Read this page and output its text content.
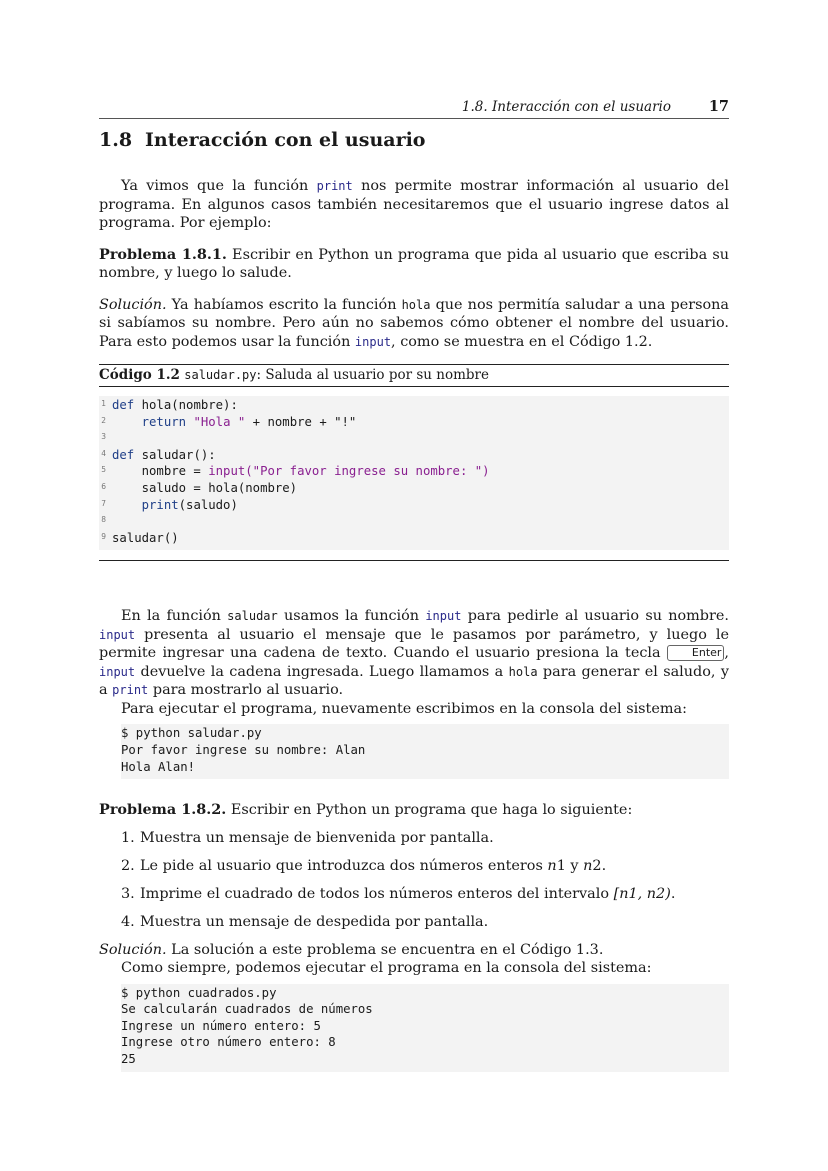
1.8. Interacción con el usuario	17
1.8 Interacción con el usuario

Ya vimos que la función print nos permite mostrar información al usuario del programa. En algunos casos también necesitaremos que el usuario ingrese datos al programa. Por ejemplo:

Problema 1.8.1. Escribir en Python un programa que pida al usuario que escriba su nombre, y luego lo salude.

Solución. Ya habíamos escrito la función hola que nos permitía saludar a una persona si sabíamos su nombre. Pero aún no sabemos cómo obtener el nombre del usuario. Para esto podemos usar la función input, como se muestra en el Código 1.2.

Código 1.2 saludar.py: Saluda al usuario por su nombre
1 def hola(nombre):
2 return "Hola " + nombre + "!"
3
4 def saludar():
5 nombre = input("Por favor ingrese su nombre: ")
6 saludo = hola(nombre)
7 print(saludo)
8
9 saludar()

En la función saludar usamos la función input para pedirle al usuario su nombre. input presenta al usuario el mensaje que le pasamos por parámetro, y luego le permite ingresar una cadena de texto. Cuando el usuario presiona la tecla Enter , input devuelve la cadena ingresada. Luego llamamos a hola para generar el saludo, y a print para mostrarlo al usuario.

Para ejecutar el programa, nuevamente escribimos en la consola del sistema:

$ python saludar.py
Por favor ingrese su nombre: Alan
Hola Alan!

Problema 1.8.2. Escribir en Python un programa que haga lo siguiente:

1. Muestra un mensaje de bienvenida por pantalla.
2. Le pide al usuario que introduzca dos números enteros n1 y n2.
3. Imprime el cuadrado de todos los números enteros del intervalo [n1, n2).
4. Muestra un mensaje de despedida por pantalla.

Solución. La solución a este problema se encuentra en el Código 1.3.

Como siempre, podemos ejecutar el programa en la consola del sistema:

$ python cuadrados.py
Se calcularán cuadrados de números
Ingrese un número entero: 5
Ingrese otro número entero: 8
25
